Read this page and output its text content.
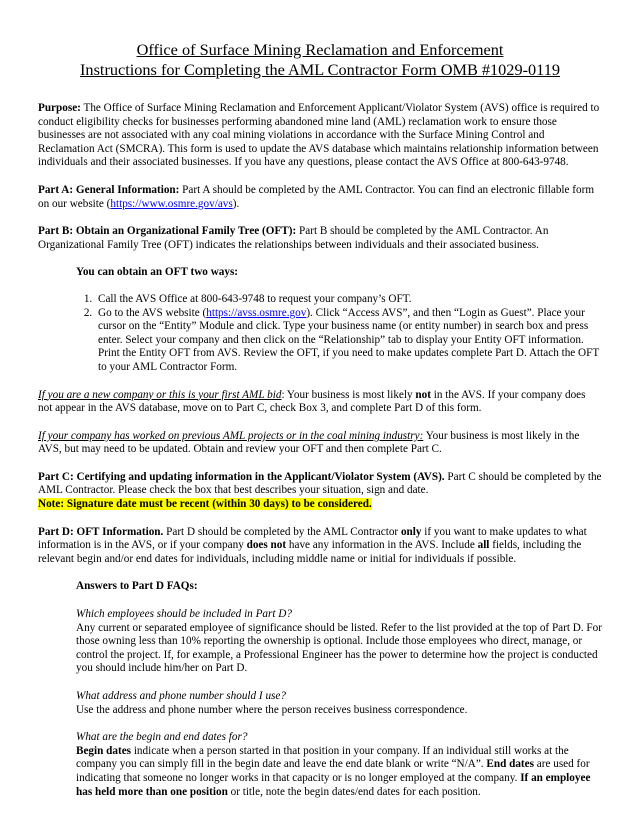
Office of Surface Mining Reclamation and Enforcement
Instructions for Completing the AML Contractor Form OMB #1029-0119

Purpose: The Office of Surface Mining Reclamation and Enforcement Applicant/Violator System (AVS) office is required to conduct eligibility checks for businesses performing abandoned mine land (AML) reclamation work to ensure those businesses are not associated with any coal mining violations in accordance with the Surface Mining Control and Reclamation Act (SMCRA). This form is used to update the AVS database which maintains relationship information between individuals and their associated businesses. If you have any questions, please contact the AVS Office at 800-643-9748.

Part A: General Information: Part A should be completed by the AML Contractor. You can find an electronic fillable form on our website (https://www.osmre.gov/avs).

Part B: Obtain an Organizational Family Tree (OFT): Part B should be completed by the AML Contractor. An Organizational Family Tree (OFT) indicates the relationships between individuals and their associated business.

You can obtain an OFT two ways:

1. Call the AVS Office at 800-643-9748 to request your company’s OFT.
2. Go to the AVS website (https://avss.osmre.gov). Click “Access AVS”, and then “Login as Guest”. Place your cursor on the “Entity” Module and click. Type your business name (or entity number) in search box and press enter. Select your company and then click on the “Relationship” tab to display your Entity OFT information. Print the Entity OFT from AVS. Review the OFT, if you need to make updates complete Part D. Attach the OFT to your AML Contractor Form.

If you are a new company or this is your first AML bid: Your business is most likely not in the AVS. If your company does not appear in the AVS database, move on to Part C, check Box 3, and complete Part D of this form.

If your company has worked on previous AML projects or in the coal mining industry: Your business is most likely in the AVS, but may need to be updated. Obtain and review your OFT and then complete Part C.

Part C: Certifying and updating information in the Applicant/Violator System (AVS). Part C should be completed by the AML Contractor. Please check the box that best describes your situation, sign and date.
Note: Signature date must be recent (within 30 days) to be considered.

Part D: OFT Information. Part D should be completed by the AML Contractor only if you want to make updates to what information is in the AVS, or if your company does not have any information in the AVS. Include all fields, including the relevant begin and/or end dates for individuals, including middle name or initial for individuals if possible.

Answers to Part D FAQs:

Which employees should be included in Part D?

Any current or separated employee of significance should be listed. Refer to the list provided at the top of Part D. For those owning less than 10% reporting the ownership is optional. Include those employees who direct, manage, or control the project. If, for example, a Professional Engineer has the power to determine how the project is conducted you should include him/her on Part D.

What address and phone number should I use?

Use the address and phone number where the person receives business correspondence.

What are the begin and end dates for?

Begin dates indicate when a person started in that position in your company. If an individual still works at the company you can simply fill in the begin date and leave the end date blank or write “N/A”. End dates are used for indicating that someone no longer works in that capacity or is no longer employed at the company. If an employee has held more than one position or title, note the begin dates/end dates for each position.
